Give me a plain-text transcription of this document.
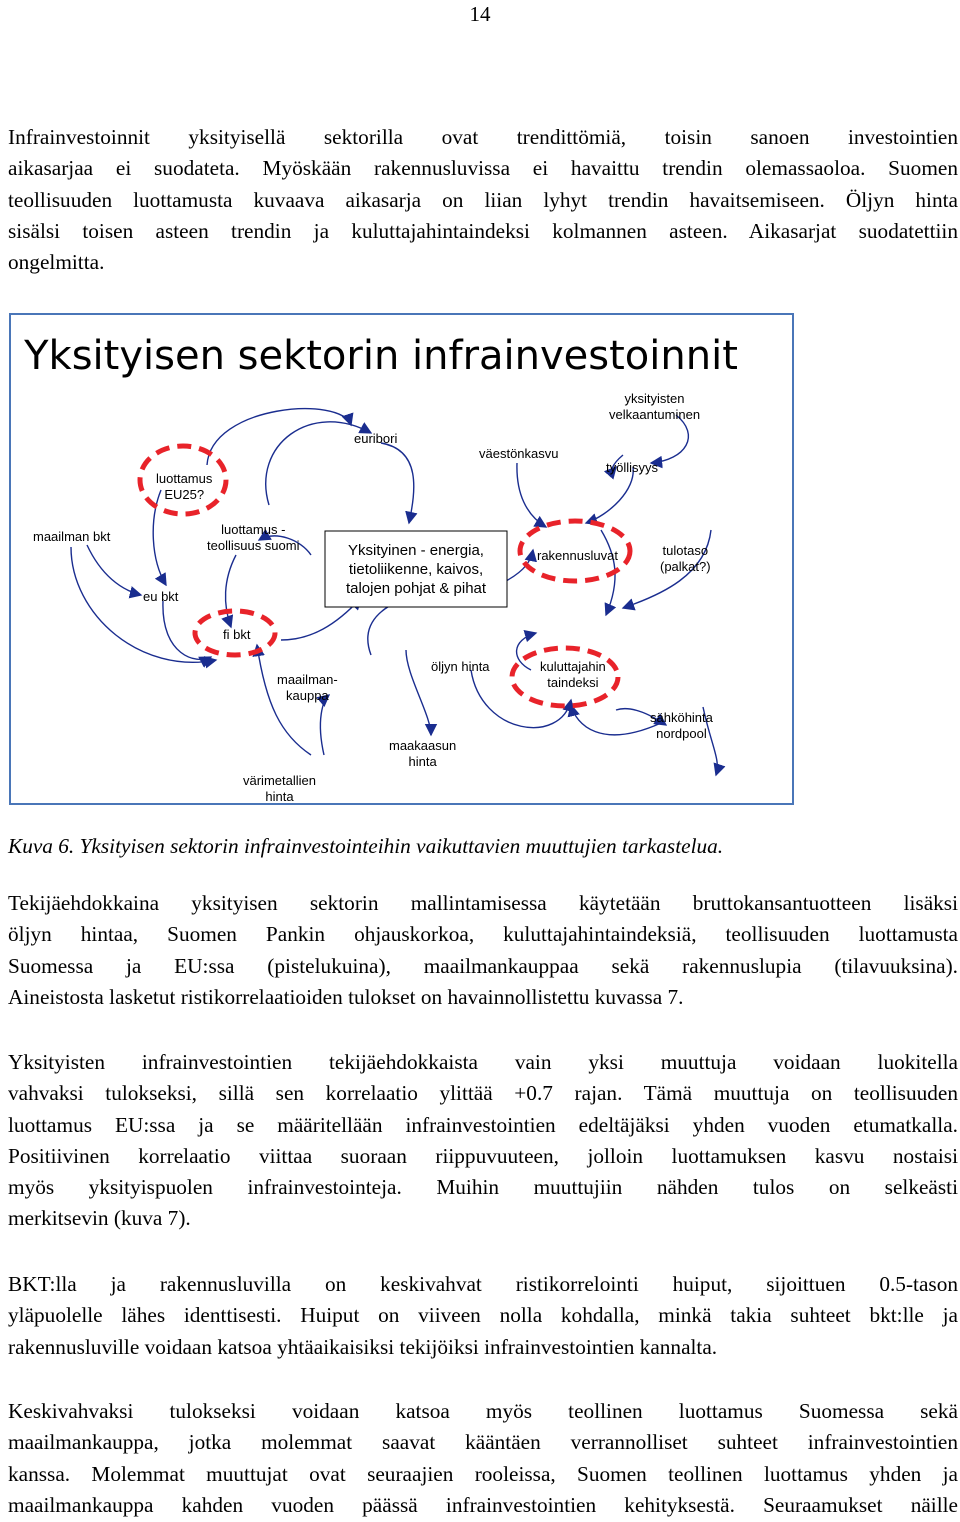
14
Infrainvestoinnit yksityisellä sektorilla ovat trendittömiä, toisin sanoen investointien
aikasarjaa ei suodateta. Myöskään rakennusluvissa ei havaittu trendin olemassaoloa. Suomen
teollisuuden luottamusta kuvaava aikasarja on liian lyhyt trendin havaitsemiseen. Öljyn hinta
sisälsi toisen asteen trendin ja kuluttajahintaindeksi kolmannen asteen. Aikasarjat suodatettiin
ongelmitta.
Yksityisen sektorin infrainvestoinnit
luottamus
EU25?
euribori
väestönkasvu
yksityisten
velkaantuminen
työllisyys
maailman bkt
eu bkt
luottamus -
teollisuus suomi	Yksityinen - energia,
tietoliikenne, kaivos,
talojen pohjat & pihat
rakennusluvat	tulotaso
(palkat?)
fi bkt
maailman-
kauppa
öljyn hinta	kuluttajahin
taindeksi
sähköhinta
nordpool
maakaasun
hinta
värimetallien
hinta
Kuva 6. Yksityisen sektorin infrainvestointeihin vaikuttavien muuttujien tarkastelua.
Tekijäehdokkaina yksityisen sektorin mallintamisessa käytetään bruttokansantuotteen lisäksi
öljyn hintaa, Suomen Pankin ohjauskorkoa, kuluttajahintaindeksiä, teollisuuden luottamusta
Suomessa ja EU:ssa (pistelukuina), maailmankauppaa sekä rakennuslupia (tilavuuksina).
Aineistosta lasketut ristikorrelaatioiden tulokset on havainnollistettu kuvassa 7.
Yksityisten infrainvestointien tekijäehdokkaista vain yksi muuttuja voidaan luokitella
vahvaksi tulokseksi, sillä sen korrelaatio ylittää +0.7 rajan. Tämä muuttuja on teollisuuden
luottamus EU:ssa ja se määritellään infrainvestointien edeltäjäksi yhden vuoden etumatkalla.
Positiivinen korrelaatio viittaa suoraan riippuvuuteen, jolloin luottamuksen kasvu nostaisi
myös yksityispuolen infrainvestointeja. Muihin muuttujiin nähden tulos on selkeästi
merkitsevin (kuva 7).
BKT:lla ja rakennusluvilla on keskivahvat ristikorrelointi huiput, sijoittuen 0.5-tason
yläpuolelle lähes identtisesti. Huiput on viiveen nolla kohdalla, minkä takia suhteet bkt:lle ja
rakennusluville voidaan katsoa yhtäaikaisiksi tekijöiksi infrainvestointien kannalta.
Keskivahvaksi tulokseksi voidaan katsoa myös teollinen luottamus Suomessa sekä
maailmankauppa, jotka molemmat saavat kääntäen verrannolliset suhteet infrainvestointien
kanssa. Molemmat muuttujat ovat seuraajien rooleissa, Suomen teollinen luottamus yhden ja
maailmankauppa kahden vuoden päässä infrainvestointien kehityksestä. Seuraamukset näille
